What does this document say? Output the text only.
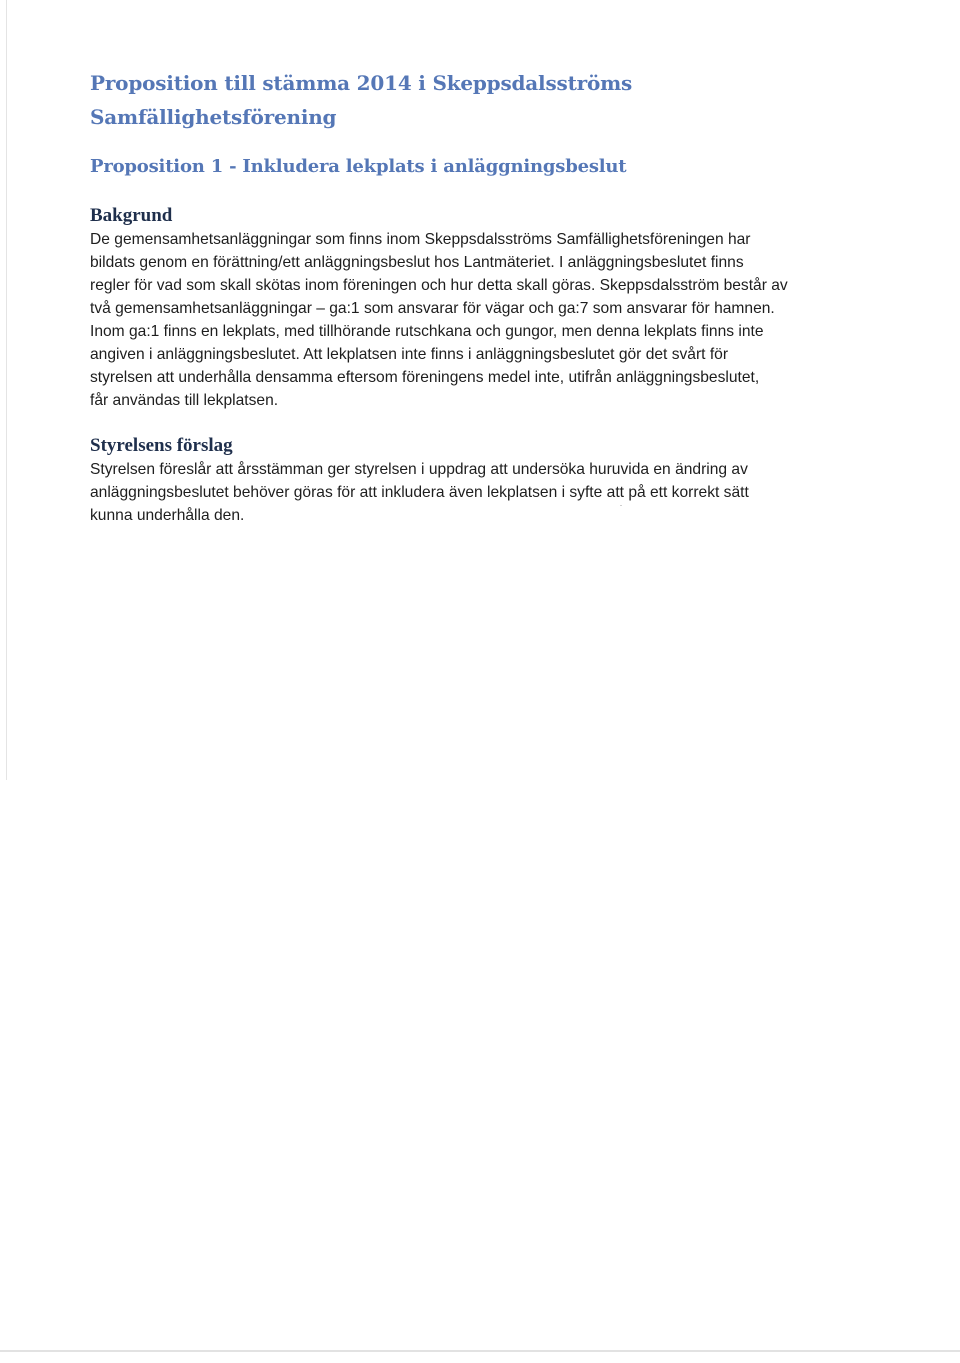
Proposition till stämma 2014 i Skeppsdalsströms Samfällighetsförening
Proposition 1 - Inkludera lekplats i anläggningsbeslut
Bakgrund

De gemensamhetsanläggningar som finns inom Skeppsdalsströms Samfällighetsföreningen har
bildats genom en förättning/ett anläggningsbeslut hos Lantmäteriet. I anläggningsbeslutet finns
regler för vad som skall skötas inom föreningen och hur detta skall göras. Skeppsdalsström består av
två gemensamhetsanläggningar – ga:1 som ansvarar för vägar och ga:7 som ansvarar för hamnen.
Inom ga:1 finns en lekplats, med tillhörande rutschkana och gungor, men denna lekplats finns inte
angiven i anläggningsbeslutet. Att lekplatsen inte finns i anläggningsbeslutet gör det svårt för
styrelsen att underhålla densamma eftersom föreningens medel inte, utifrån anläggningsbeslutet,
får användas till lekplatsen.

Styrelsens förslag

Styrelsen föreslår att årsstämman ger styrelsen i uppdrag att undersöka huruvida en ändring av
anläggningsbeslutet behöver göras för att inkludera även lekplatsen i syfte att på ett korrekt sätt
kunna underhålla den.
